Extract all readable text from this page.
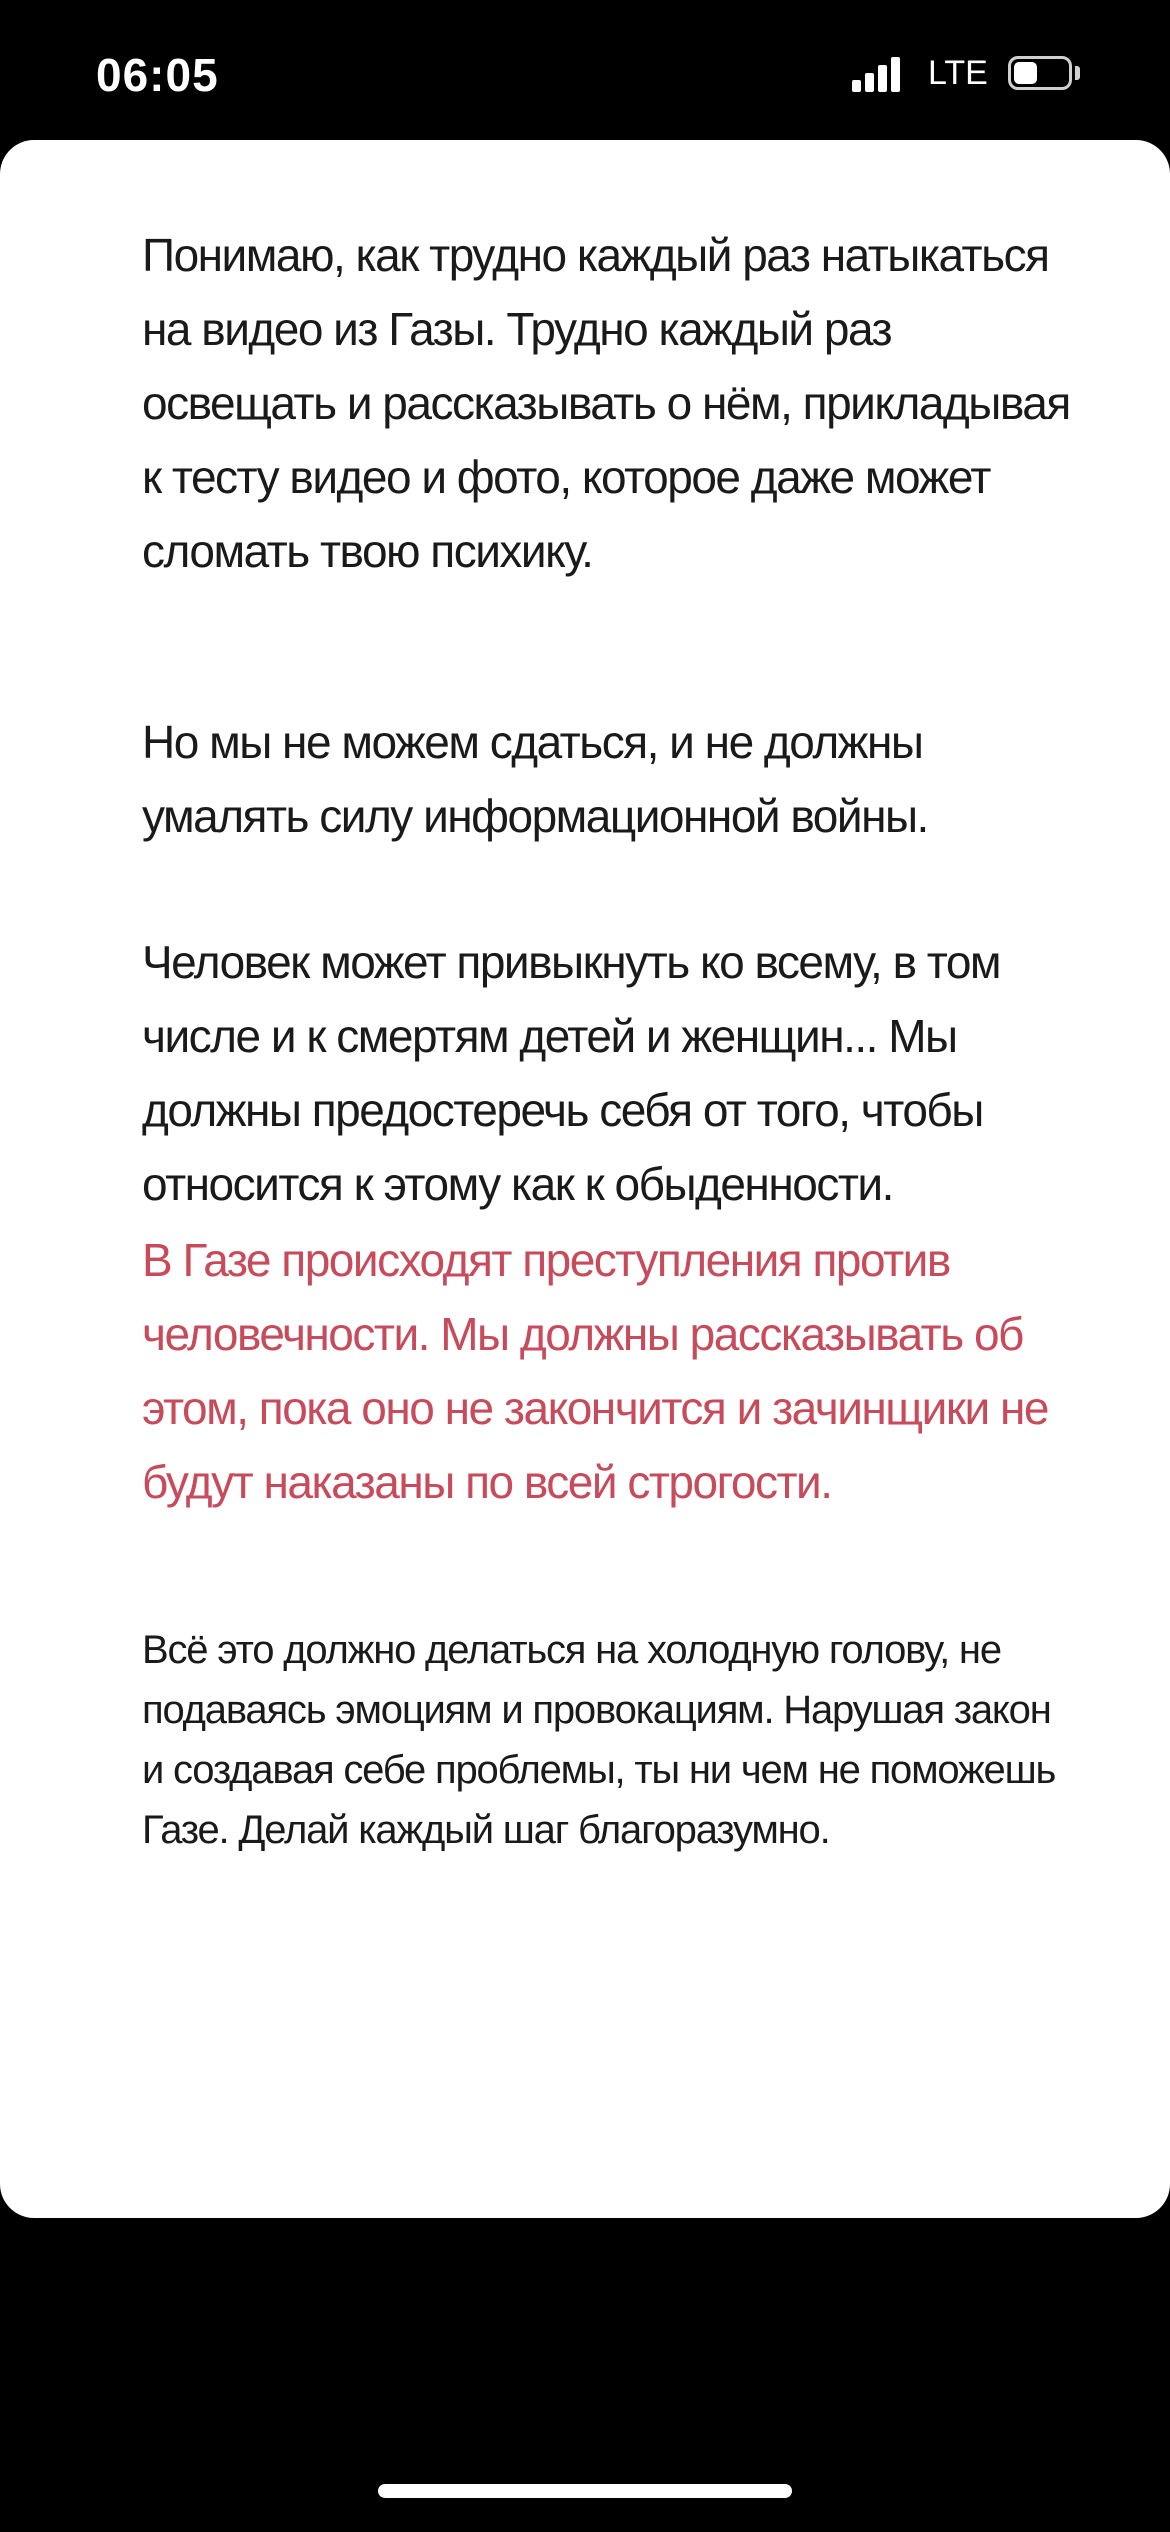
06:05	LTE

Понимаю, как трудно каждый раз натыкаться на видео из Газы. Трудно каждый раз освещать и рассказывать о нём, прикладывая к тесту видео и фото, которое даже может сломать твою психику.

Но мы не можем сдаться, и не должны умалять силу информационной войны.

Человек может привыкнуть ко всему, в том числе и к смертям детей и женщин... Мы должны предостеречь себя от того, чтобы относится к этому как к обыденности.

В Газе происходят преступления против человечности. Мы должны рассказывать об этом, пока оно не закончится и зачинщики не будут наказаны по всей строгости.

Всё это должно делаться на холодную голову, не подаваясь эмоциям и провокациям. Нарушая закон и создавая себе проблемы, ты ни чем не поможешь Газе. Делай каждый шаг благоразумно.
